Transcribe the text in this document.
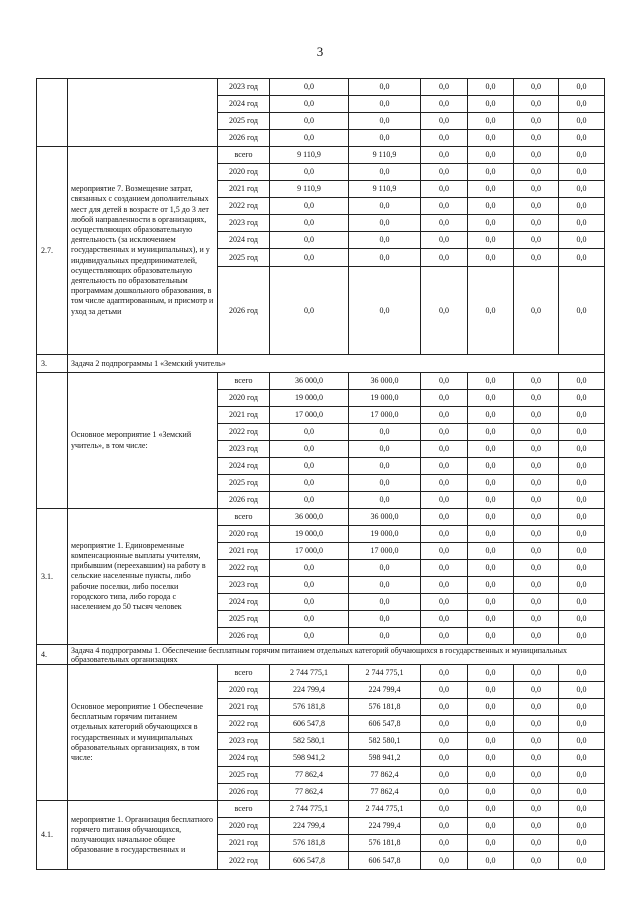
3
		2023 год	0,0	0,0	0,0	0,0	0,0	0,0
		2024 год	0,0	0,0	0,0	0,0	0,0	0,0
		2025 год	0,0	0,0	0,0	0,0	0,0	0,0
		2026 год	0,0	0,0	0,0	0,0	0,0	0,0
2.7.	мероприятие 7. Возмещение затрат, связанных с созданием дополнительных мест для детей в возрасте от 1,5 до 3 лет любой направленности в организациях, осуществляющих образовательную деятельность (за исключением государственных и муниципальных), и у индивидуальных предпринимателей, осуществляющих образовательную деятельность по образовательным программам дошкольного образования, в том числе адаптированным, и присмотр и уход за детьми	всего	9 110,9	9 110,9	0,0	0,0	0,0	0,0
		2020 год	0,0	0,0	0,0	0,0	0,0	0,0
		2021 год	9 110,9	9 110,9	0,0	0,0	0,0	0,0
		2022 год	0,0	0,0	0,0	0,0	0,0	0,0
		2023 год	0,0	0,0	0,0	0,0	0,0	0,0
		2024 год	0,0	0,0	0,0	0,0	0,0	0,0
		2025 год	0,0	0,0	0,0	0,0	0,0	0,0
		2026 год	0,0	0,0	0,0	0,0	0,0	0,0
3.	Задача 2 подпрограммы 1 «Земский учитель»							
	Основное мероприятие 1 «Земский учитель», в том числе:	всего	36 000,0	36 000,0	0,0	0,0	0,0	0,0
		2020 год	19 000,0	19 000,0	0,0	0,0	0,0	0,0
		2021 год	17 000,0	17 000,0	0,0	0,0	0,0	0,0
		2022 год	0,0	0,0	0,0	0,0	0,0	0,0
		2023 год	0,0	0,0	0,0	0,0	0,0	0,0
		2024 год	0,0	0,0	0,0	0,0	0,0	0,0
		2025 год	0,0	0,0	0,0	0,0	0,0	0,0
		2026 год	0,0	0,0	0,0	0,0	0,0	0,0
3.1.	мероприятие 1. Единовременные компенсационные выплаты учителям, прибывшим (переехавшим) на работу в сельские населенные пункты, либо рабочие поселки, либо поселки городского типа, либо города с населением до 50 тысяч человек	всего	36 000,0	36 000,0	0,0	0,0	0,0	0,0
		2020 год	19 000,0	19 000,0	0,0	0,0	0,0	0,0
		2021 год	17 000,0	17 000,0	0,0	0,0	0,0	0,0
		2022 год	0,0	0,0	0,0	0,0	0,0	0,0
		2023 год	0,0	0,0	0,0	0,0	0,0	0,0
		2024 год	0,0	0,0	0,0	0,0	0,0	0,0
		2025 год	0,0	0,0	0,0	0,0	0,0	0,0
		2026 год	0,0	0,0	0,0	0,0	0,0	0,0
4.	Задача 4 подпрограммы 1. Обеспечение бесплатным горячим питанием отдельных категорий обучающихся в государственных и муниципальных образовательных организациях							
	Основное мероприятие 1 Обеспечение бесплатным горячим питанием отдельных категорий обучающихся в государственных и муниципальных образовательных организациях, в том числе:	всего	2 744 775,1	2 744 775,1	0,0	0,0	0,0	0,0
		2020 год	224 799,4	224 799,4	0,0	0,0	0,0	0,0
		2021 год	576 181,8	576 181,8	0,0	0,0	0,0	0,0
		2022 год	606 547,8	606 547,8	0,0	0,0	0,0	0,0
		2023 год	582 580,1	582 580,1	0,0	0,0	0,0	0,0
		2024 год	598 941,2	598 941,2	0,0	0,0	0,0	0,0
		2025 год	77 862,4	77 862,4	0,0	0,0	0,0	0,0
		2026 год	77 862,4	77 862,4	0,0	0,0	0,0	0,0
4.1.	мероприятие 1. Организация бесплатного горячего питания обучающихся, получающих начальное общее образование в государственных и	всего	2 744 775,1	2 744 775,1	0,0	0,0	0,0	0,0
		2020 год	224 799,4	224 799,4	0,0	0,0	0,0	0,0
		2021 год	576 181,8	576 181,8	0,0	0,0	0,0	0,0
		2022 год	606 547,8	606 547,8	0,0	0,0	0,0	0,0
